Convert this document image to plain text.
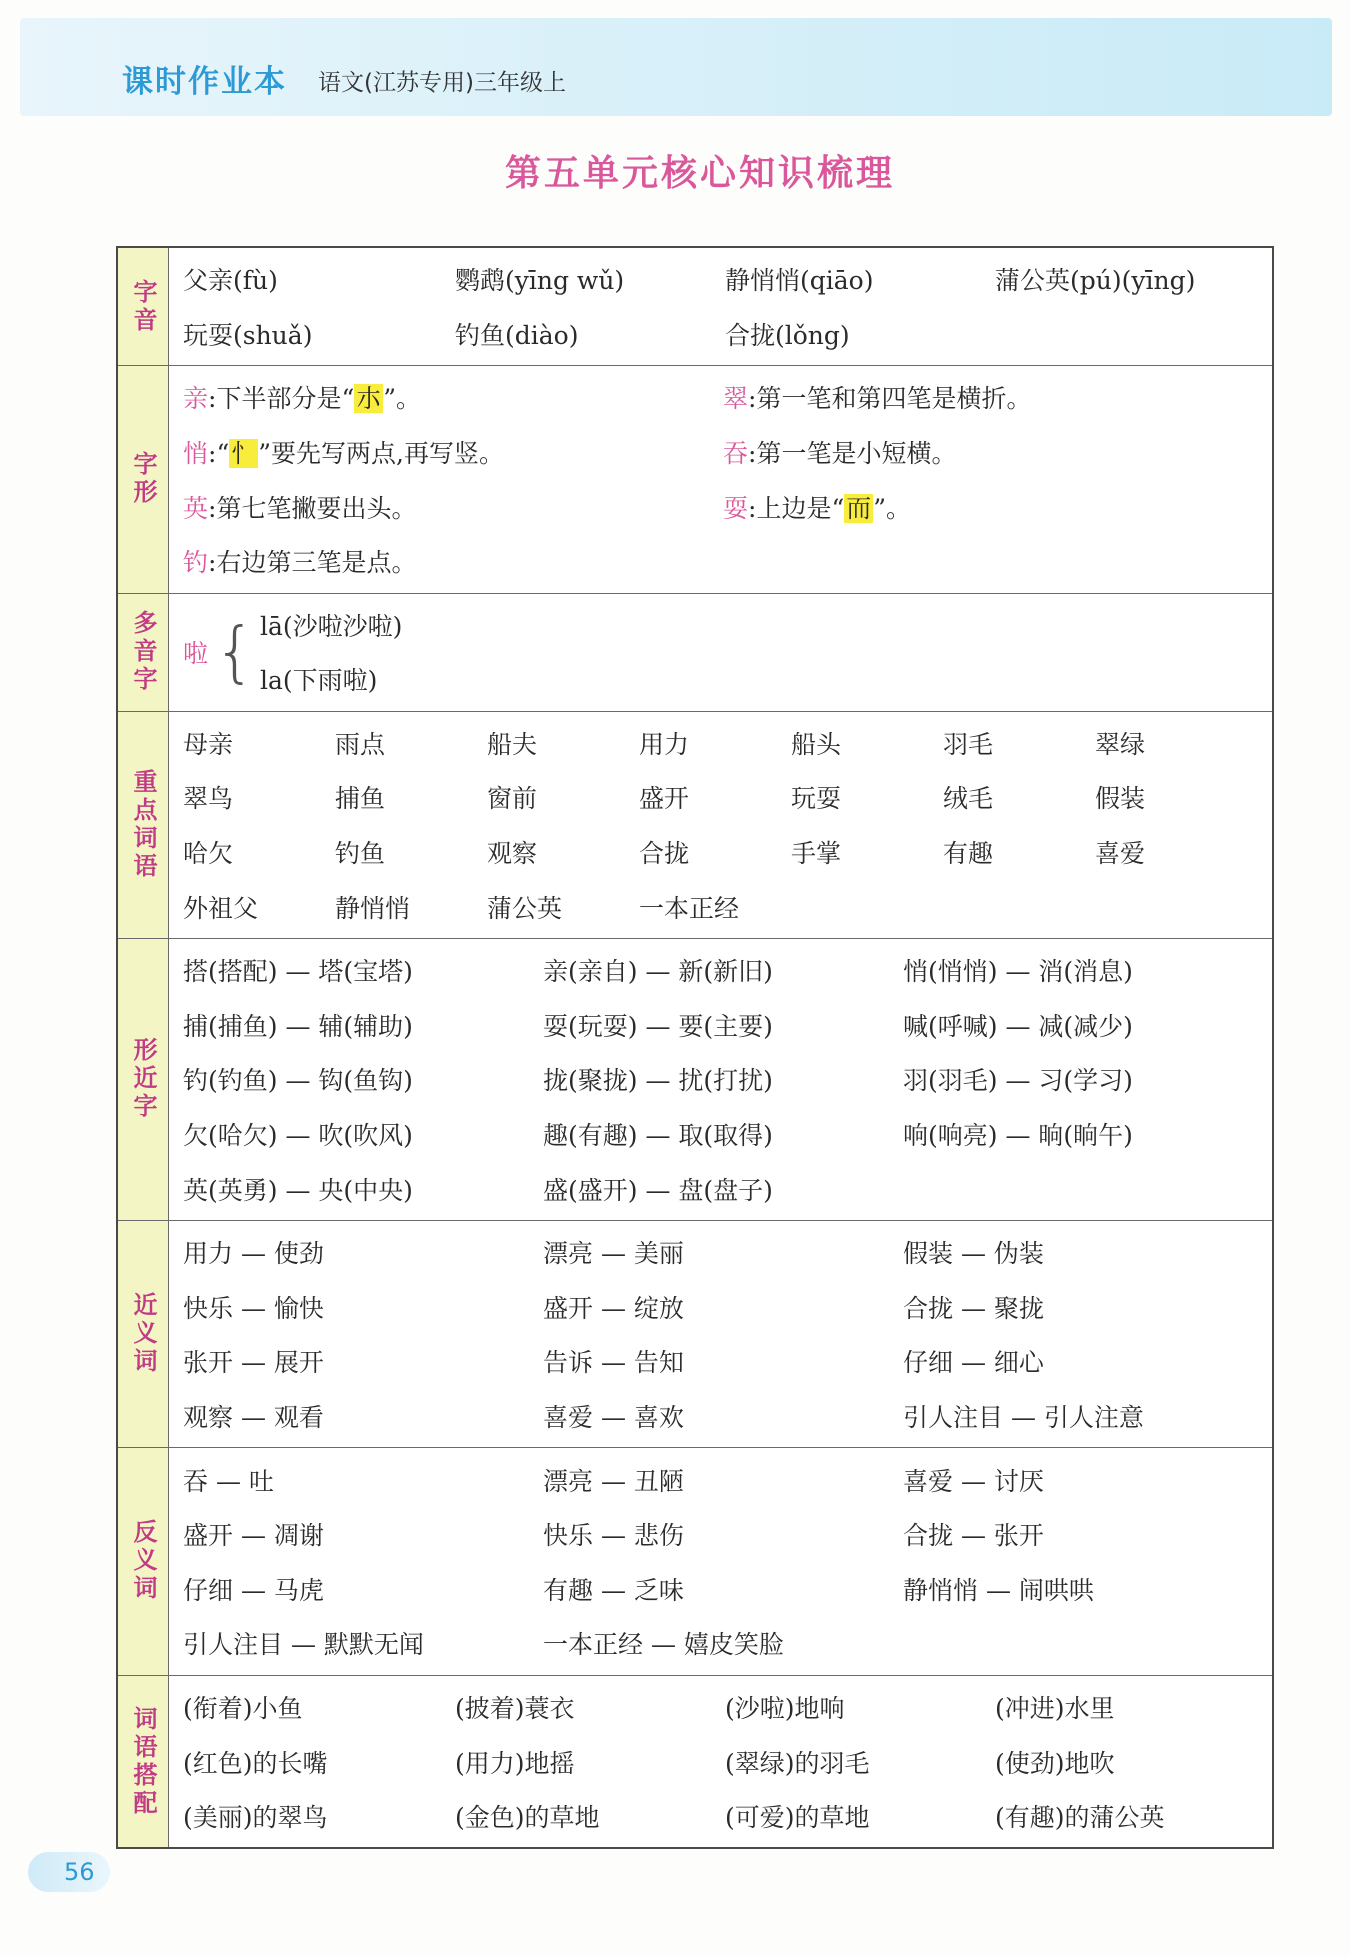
课时作业本 语文(江苏专用)三年级上
第五单元核心知识梳理
字音	父亲(fù)	鹦鹉(yīng wǔ)	静悄悄(qiāo)	蒲公英(pú)(yīng)
玩耍(shuǎ)	钓鱼(diào)	合拢(lǒng)
字形
亲:下半部分是“朩”。	翠:第一笔和第四笔是横折。
悄:“忄”要先写两点,再写竖。	吞:第一笔是小短横。
英:第七笔撇要出头。	耍:上边是“而”。
钓:右边第三笔是点。
多音字	啦 { lā(沙啦沙啦)
la(下雨啦)
重点词语
母亲	雨点	船夫	用力	船头	羽毛	翠绿
翠鸟	捕鱼	窗前	盛开	玩耍	绒毛	假装
哈欠	钓鱼	观察	合拢	手掌	有趣	喜爱
外祖父	静悄悄	蒲公英	一本正经
形近字
搭(搭配) — 塔(宝塔)	亲(亲自) — 新(新旧)	悄(悄悄) — 消(消息)
捕(捕鱼) — 辅(辅助)	耍(玩耍) — 要(主要)	喊(呼喊) — 减(减少)
钓(钓鱼) — 钩(鱼钩)	拢(聚拢) — 扰(打扰)	羽(羽毛) — 习(学习)
欠(哈欠) — 吹(吹风)	趣(有趣) — 取(取得)	响(响亮) — 晌(晌午)
英(英勇) — 央(中央)	盛(盛开) — 盘(盘子)
近义词
用力 — 使劲	漂亮 — 美丽	假装 — 伪装
快乐 — 愉快	盛开 — 绽放	合拢 — 聚拢
张开 — 展开	告诉 — 告知	仔细 — 细心
观察 — 观看	喜爱 — 喜欢	引人注目 — 引人注意
反义词
吞 — 吐	漂亮 — 丑陋	喜爱 — 讨厌
盛开 — 凋谢	快乐 — 悲伤	合拢 — 张开
仔细 — 马虎	有趣 — 乏味	静悄悄 — 闹哄哄
引人注目 — 默默无闻	一本正经 — 嬉皮笑脸
词语搭配	(衔着)小鱼	(披着)蓑衣	(沙啦)地响	(冲进)水里
(红色)的长嘴	(用力)地摇	(翠绿)的羽毛	(使劲)地吹
(美丽)的翠鸟	(金色)的草地	(可爱)的草地	(有趣)的蒲公英
56
